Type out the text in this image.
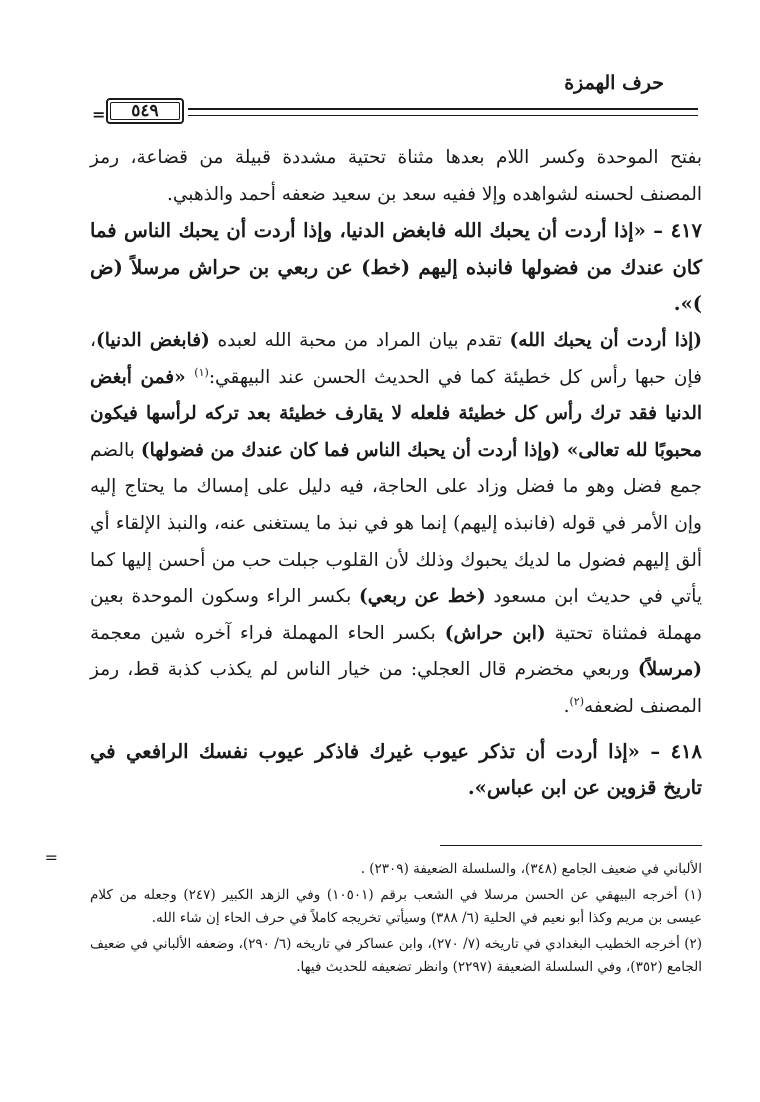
حرف الهمزة
٥٤٩
=

بفتح الموحدة وكسر اللام بعدها مثناة تحتية مشددة قبيلة من قضاعة، رمز المصنف لحسنه لشواهده وإلا ففيه سعد بن سعيد ضعفه أحمد والذهبي.

٤١٧ – «إذا أردت أن يحبك الله فابغض الدنيا، وإذا أردت أن يحبك الناس فما كان عندك من فضولها فانبذه إليهم (خط) عن ربعي بن حراش مرسلاً (ض )».

(إذا أردت أن يحبك الله) تقدم بيان المراد من محبة الله لعبده (فابغض الدنيا)، فإن حبها رأس كل خطيئة كما في الحديث الحسن عند البيهقي:$^{(١)}$ «فمن أبغض الدنيا فقد ترك رأس كل خطيئة فلعله لا يقارف خطيئة بعد تركه لرأسها فيكون محبوبًا لله تعالى» (وإذا أردت أن يحبك الناس فما كان عندك من فضولها) بالضم جمع فضل وهو ما فضل وزاد على الحاجة، فيه دليل على إمساك ما يحتاج إليه وإن الأمر في قوله (فانبذه إليهم) إنما هو في نبذ ما يستغنى عنه، والنبذ الإلقاء أي ألق إليهم فضول ما لديك يحبوك وذلك لأن القلوب جبلت حب من أحسن إليها كما يأتي في حديث ابن مسعود (خط عن ربعي) بكسر الراء وسكون الموحدة بعين مهملة فمثناة تحتية (ابن حراش) بكسر الحاء المهملة فراء آخره شين معجمة (مرسلاً) وربعي مخضرم قال العجلي: من خيار الناس لم يكذب كذبة قط، رمز المصنف لضعفه$^{(٢)}$.

٤١٨ – «إذا أردت أن تذكر عيوب غيرك فاذكر عيوب نفسك الرافعي في تاريخ قزوين عن ابن عباس».

=

الألباني في ضعيف الجامع (٣٤٨)، والسلسلة الضعيفة (٢٣٠٩) .

(١) أخرجه البيهقي عن الحسن مرسلا في الشعب برقم (١٠٥٠١) وفي الزهد الكبير (٢٤٧) وجعله من كلام عيسى بن مريم وكذا أبو نعيم في الحلية (٦/ ٣٨٨) وسيأتي تخريجه كاملاً في حرف الحاء إن شاء الله.

(٢) أخرجه الخطيب البغدادي في تاريخه (٧/ ٢٧٠)، وابن عساكر في تاريخه (٦/ ٢٩٠)، وضعفه الألباني في ضعيف الجامع (٣٥٢)، وفي السلسلة الضعيفة (٢٢٩٧) وانظر تضعيفه للحديث فيها.
